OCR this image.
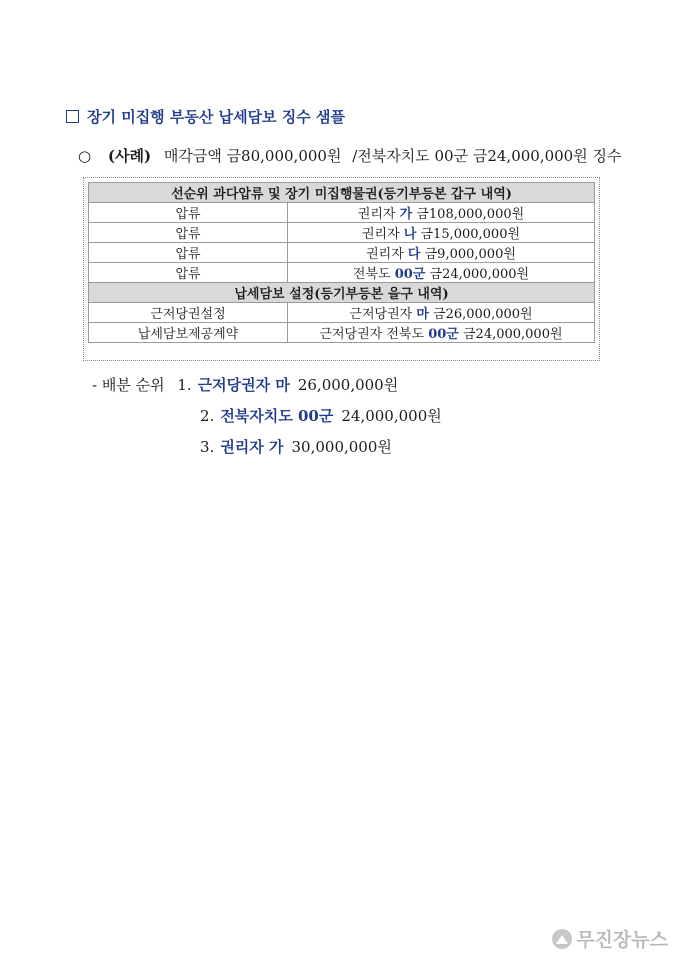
장기 미집행 부동산 납세담보 징수 샘플
○ (사례) 매각금액 금80,000,000원 /전북자치도 00군 금24,000,000원 징수
선순위 과다압류 및 장기 미집행물권(등기부등본 갑구 내역)	
압류	권리자 가 금108,000,000원
압류	권리자 나 금15,000,000원
압류	권리자 다 금9,000,000원
압류	전북도 00군 금24,000,000원
납세담보 설정(등기부등본 을구 내역)	
근저당권설정	근저당권자 마 금26,000,000원
납세담보제공계약	근저당권자 전북도 00군 금24,000,000원
- 배분 순위 1. 근저당권자 마 26,000,000원
2. 전북자치도 00군 24,000,000원
3. 권리자 가 30,000,000원
무진장뉴스
